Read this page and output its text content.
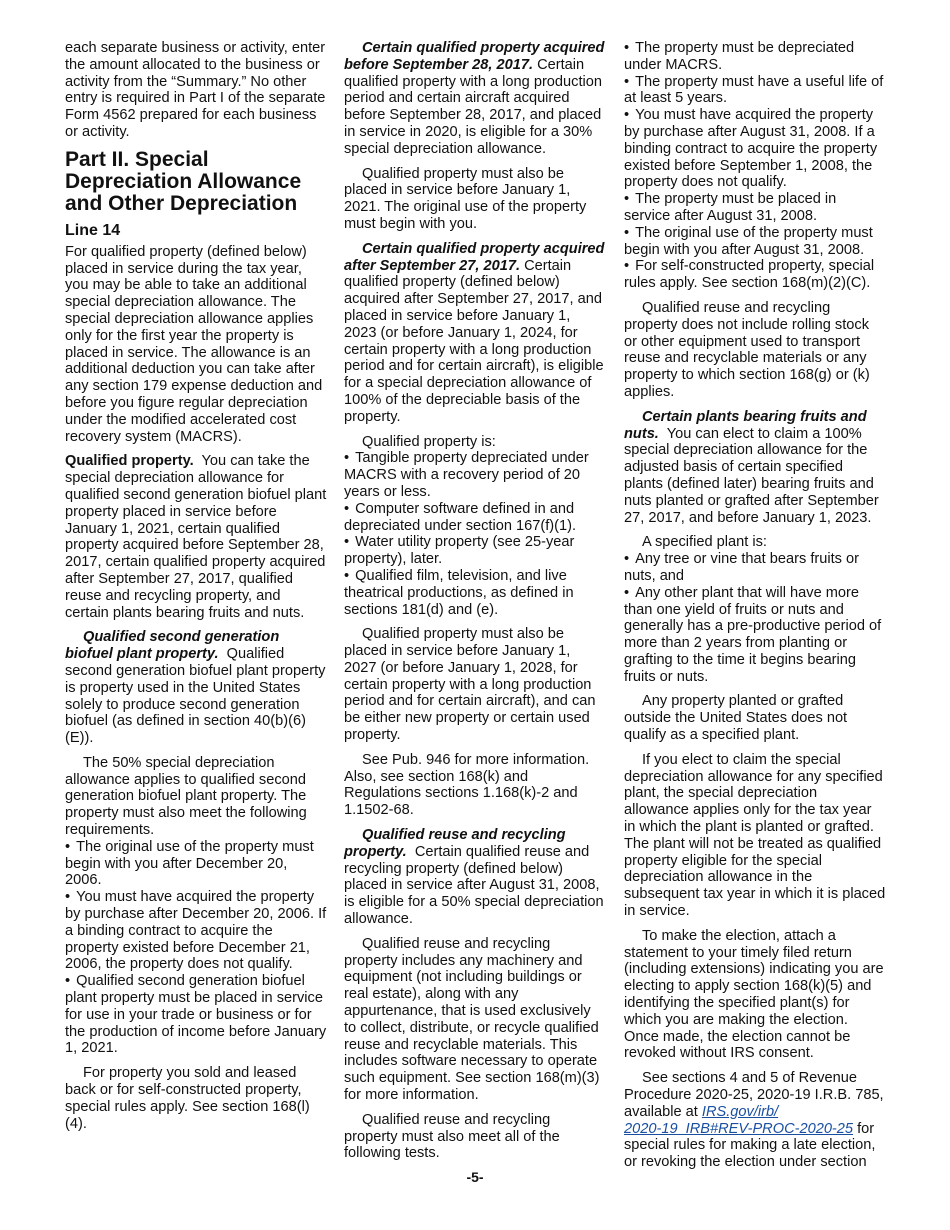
each separate business or activity, enter the amount allocated to the business or activity from the “Summary.” No other entry is required in Part I of the separate Form 4562 prepared for each business or activity.

Part II. Special Depreciation Allowance and Other Depreciation
Line 14

For qualified property (defined below) placed in service during the tax year, you may be able to take an additional special depreciation allowance. The special depreciation allowance applies only for the first year the property is placed in service. The allowance is an additional deduction you can take after any section 179 expense deduction and before you figure regular depreciation under the modified accelerated cost recovery system (MACRS).

Qualified property. You can take the special depreciation allowance for qualified second generation biofuel plant property placed in service before January 1, 2021, certain qualified property acquired before September 28, 2017, certain qualified property acquired after September 27, 2017, qualified reuse and recycling property, and certain plants bearing fruits and nuts.

Qualified second generation biofuel plant property. Qualified second generation biofuel plant property is property used in the United States solely to produce second generation biofuel (as defined in section 40(b)(6)(E)).

The 50% special depreciation allowance applies to qualified second generation biofuel plant property. The property must also meet the following requirements.

• The original use of the property must begin with you after December 20, 2006.
• You must have acquired the property by purchase after December 20, 2006. If a binding contract to acquire the property existed before December 21, 2006, the property does not qualify.
• Qualified second generation biofuel plant property must be placed in service for use in your trade or business or for the production of income before January 1, 2021.

For property you sold and leased back or for self-constructed property, special rules apply. See section 168(l)(4).

Certain qualified property acquired before September 28, 2017. Certain qualified property with a long production period and certain aircraft acquired before September 28, 2017, and placed in service in 2020, is eligible for a 30% special depreciation allowance.

Qualified property must also be placed in service before January 1, 2021. The original use of the property must begin with you.

Certain qualified property acquired after September 27, 2017. Certain qualified property (defined below) acquired after September 27, 2017, and placed in service before January 1, 2023 (or before January 1, 2024, for certain property with a long production period and for certain aircraft), is eligible for a special depreciation allowance of 100% of the depreciable basis of the property.

Qualified property is:

• Tangible property depreciated under MACRS with a recovery period of 20 years or less.
• Computer software defined in and depreciated under section 167(f)(1).
• Water utility property (see 25-year property), later.
• Qualified film, television, and live theatrical productions, as defined in sections 181(d) and (e).

Qualified property must also be placed in service before January 1, 2027 (or before January 1, 2028, for certain property with a long production period and for certain aircraft), and can be either new property or certain used property.

See Pub. 946 for more information. Also, see section 168(k) and Regulations sections 1.168(k)-2 and 1.1502-68.

Qualified reuse and recycling property. Certain qualified reuse and recycling property (defined below) placed in service after August 31, 2008, is eligible for a 50% special depreciation allowance.

Qualified reuse and recycling property includes any machinery and equipment (not including buildings or real estate), along with any appurtenance, that is used exclusively to collect, distribute, or recycle qualified reuse and recyclable materials. This includes software necessary to operate such equipment. See section 168(m)(3) for more information.

Qualified reuse and recycling property must also meet all of the following tests.

• The property must be depreciated under MACRS.
• The property must have a useful life of at least 5 years.
• You must have acquired the property by purchase after August 31, 2008. If a binding contract to acquire the property existed before September 1, 2008, the property does not qualify.
• The property must be placed in service after August 31, 2008.
• The original use of the property must begin with you after August 31, 2008.
• For self-constructed property, special rules apply. See section 168(m)(2)(C).

Qualified reuse and recycling property does not include rolling stock or other equipment used to transport reuse and recyclable materials or any property to which section 168(g) or (k) applies.

Certain plants bearing fruits and nuts. You can elect to claim a 100% special depreciation allowance for the adjusted basis of certain specified plants (defined later) bearing fruits and nuts planted or grafted after September 27, 2017, and before January 1, 2023.

A specified plant is:

• Any tree or vine that bears fruits or nuts, and
• Any other plant that will have more than one yield of fruits or nuts and generally has a pre-productive period of more than 2 years from planting or grafting to the time it begins bearing fruits or nuts.

Any property planted or grafted outside the United States does not qualify as a specified plant.

If you elect to claim the special depreciation allowance for any specified plant, the special depreciation allowance applies only for the tax year in which the plant is planted or grafted. The plant will not be treated as qualified property eligible for the special depreciation allowance in the subsequent tax year in which it is placed in service.

To make the election, attach a statement to your timely filed return (including extensions) indicating you are electing to apply section 168(k)(5) and identifying the specified plant(s) for which you are making the election. Once made, the election cannot be revoked without IRS consent.

See sections 4 and 5 of Revenue Procedure 2020-25, 2020-19 I.R.B. 785, available at IRS.gov/irb/
2020-19_IRB#REV-PROC-2020-25 for special rules for making a late election, or revoking the election under section

-5-
